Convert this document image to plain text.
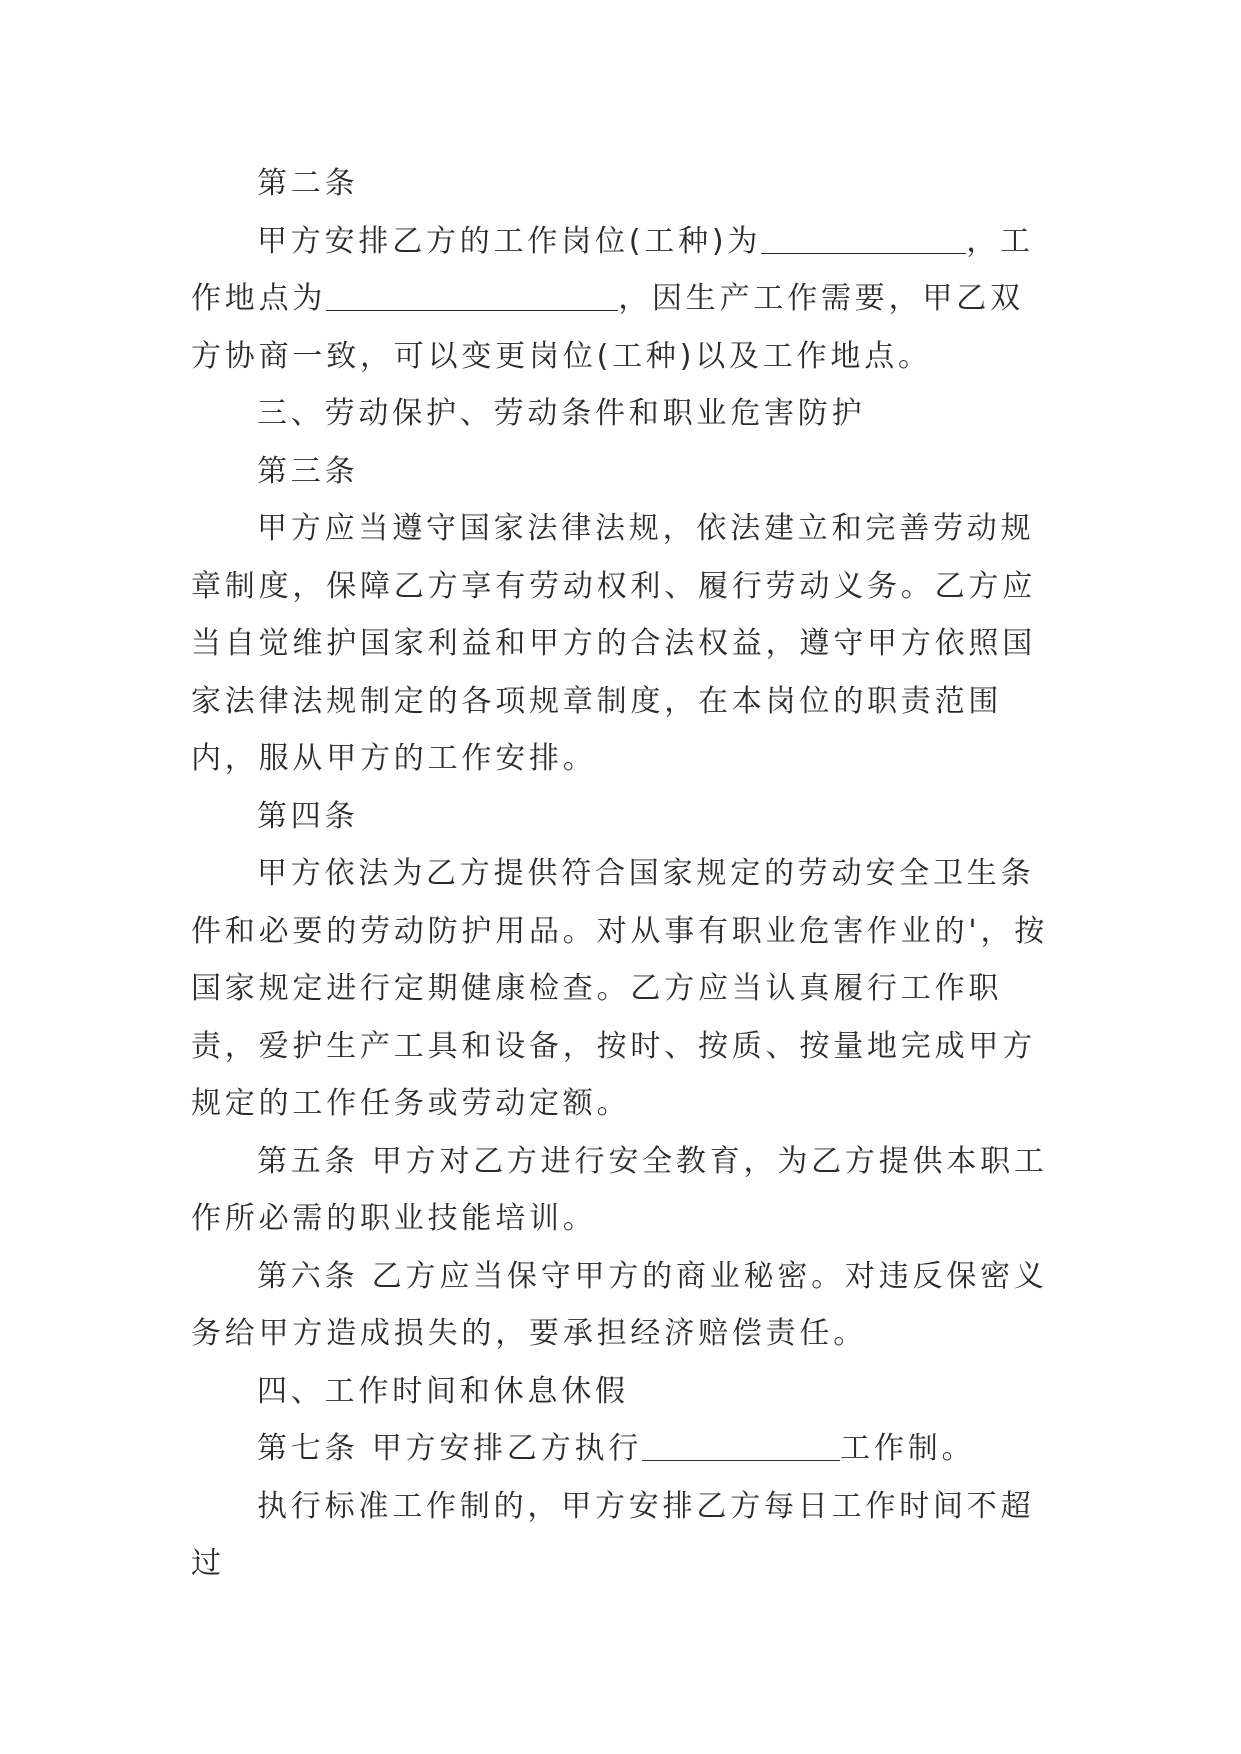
第二条

甲方安排乙方的工作岗位(工种)为	，工作地点为	，因生产工作需要，甲乙双方协商一致，可以变更岗位(工种)以及工作地点。

三、劳动保护、劳动条件和职业危害防护

第三条

甲方应当遵守国家法律法规，依法建立和完善劳动规章制度，保障乙方享有劳动权利、履行劳动义务。乙方应当自觉维护国家利益和甲方的合法权益，遵守甲方依照国家法律法规制定的各项规章制度，在本岗位的职责范围内，服从甲方的工作安排。

第四条

甲方依法为乙方提供符合国家规定的劳动安全卫生条件和必要的劳动防护用品。对从事有职业危害作业的'，按国家规定进行定期健康检查。乙方应当认真履行工作职责，爱护生产工具和设备，按时、按质、按量地完成甲方规定的工作任务或劳动定额。

第五条 甲方对乙方进行安全教育，为乙方提供本职工作所必需的职业技能培训。

第六条 乙方应当保守甲方的商业秘密。对违反保密义务给甲方造成损失的，要承担经济赔偿责任。

四、工作时间和休息休假

第七条 甲方安排乙方执行	工作制。

执行标准工作制的，甲方安排乙方每日工作时间不超过
